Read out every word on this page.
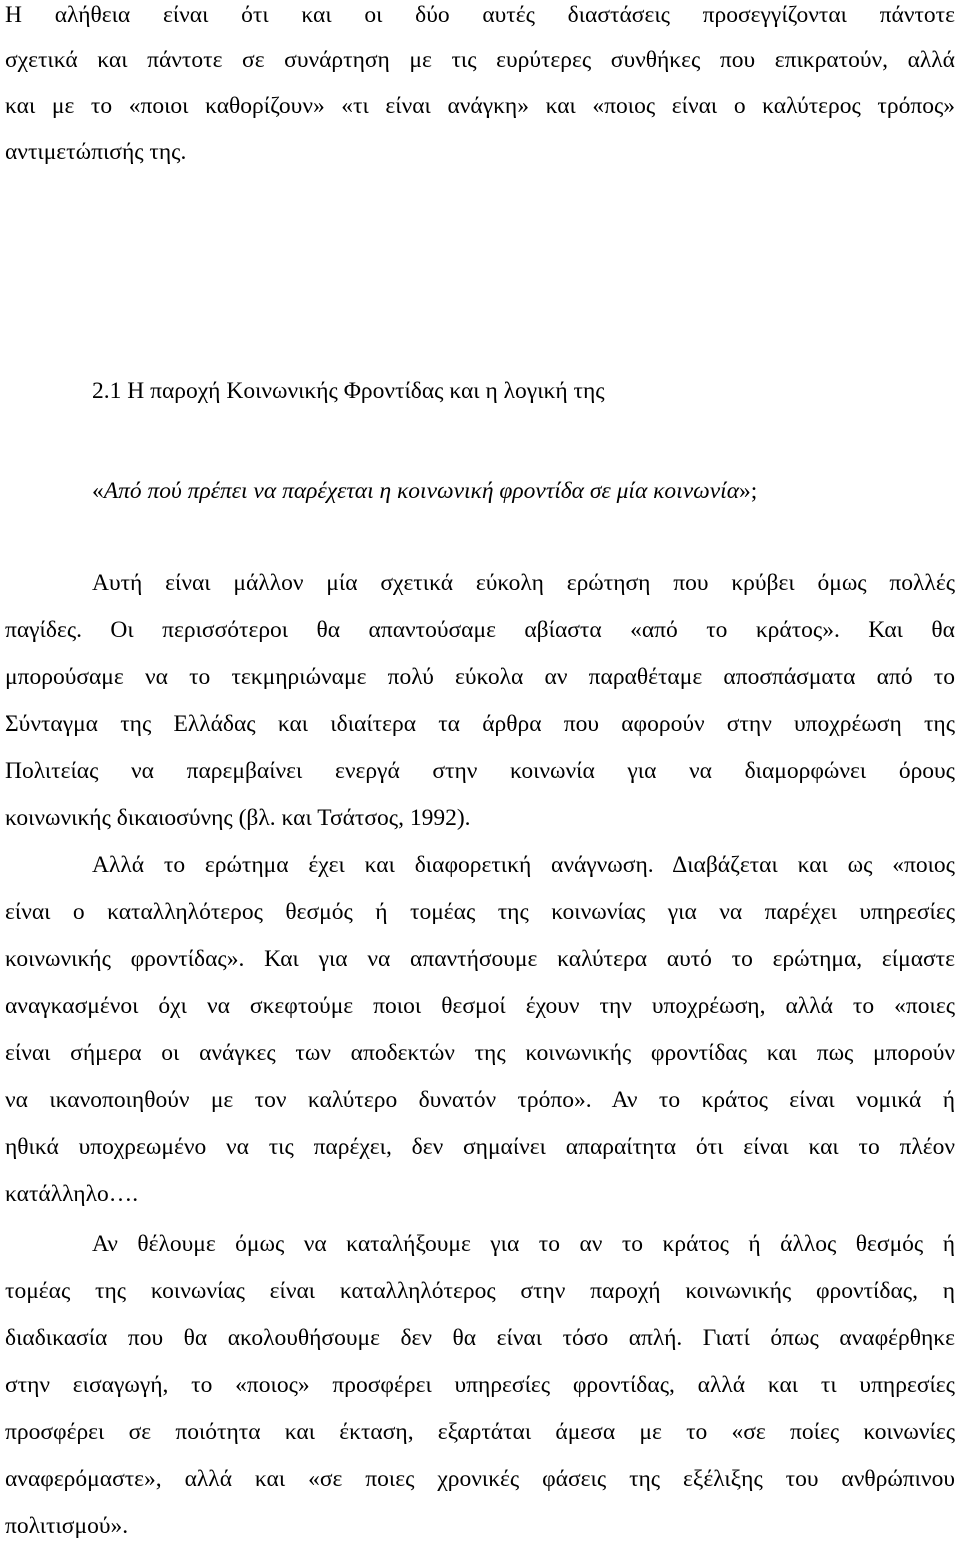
Η αλήθεια είναι ότι και οι δύο αυτές διαστάσεις προσεγγίζονται πάντοτε
σχετικά και πάντοτε σε συνάρτηση με τις ευρύτερες συνθήκες που επικρατούν, αλλά
και με το «ποιοι καθορίζουν» «τι είναι ανάγκη» και «ποιος είναι ο καλύτερος τρόπος»
αντιμετώπισής της.
2.1 Η παροχή Κοινωνικής Φροντίδας και η λογική της
«Από πού πρέπει να παρέχεται η κοινωνική φροντίδα σε μία κοινωνία»;
Αυτή είναι μάλλον μία σχετικά εύκολη ερώτηση που κρύβει όμως πολλές
παγίδες. Οι περισσότεροι θα απαντούσαμε αβίαστα «από το κράτος». Και θα
μπορούσαμε να το τεκμηριώναμε πολύ εύκολα αν παραθέταμε αποσπάσματα από το
Σύνταγμα της Ελλάδας και ιδιαίτερα τα άρθρα που αφορούν στην υποχρέωση της
Πολιτείας να παρεμβαίνει ενεργά στην κοινωνία για να διαμορφώνει όρους
κοινωνικής δικαιοσύνης (βλ. και Τσάτσος, 1992).
Αλλά το ερώτημα έχει και διαφορετική ανάγνωση. Διαβάζεται και ως «ποιος
είναι ο καταλληλότερος θεσμός ή τομέας της κοινωνίας για να παρέχει υπηρεσίες
κοινωνικής φροντίδας». Και για να απαντήσουμε καλύτερα αυτό το ερώτημα, είμαστε
αναγκασμένοι όχι να σκεφτούμε ποιοι θεσμοί έχουν την υποχρέωση, αλλά το «ποιες
είναι σήμερα οι ανάγκες των αποδεκτών της κοινωνικής φροντίδας και πως μπορούν
να ικανοποιηθούν με τον καλύτερο δυνατόν τρόπο». Αν το κράτος είναι νομικά ή
ηθικά υποχρεωμένο να τις παρέχει, δεν σημαίνει απαραίτητα ότι είναι και το πλέον
κατάλληλο….
Αν θέλουμε όμως να καταλήξουμε για το αν το κράτος ή άλλος θεσμός ή
τομέας της κοινωνίας είναι καταλληλότερος στην παροχή κοινωνικής φροντίδας, η
διαδικασία που θα ακολουθήσουμε δεν θα είναι τόσο απλή. Γιατί όπως αναφέρθηκε
στην εισαγωγή, το «ποιος» προσφέρει υπηρεσίες φροντίδας, αλλά και τι υπηρεσίες
προσφέρει σε ποιότητα και έκταση, εξαρτάται άμεσα με το «σε ποίες κοινωνίες
αναφερόμαστε», αλλά και «σε ποιες χρονικές φάσεις της εξέλιξης του ανθρώπινου
πολιτισμού».
